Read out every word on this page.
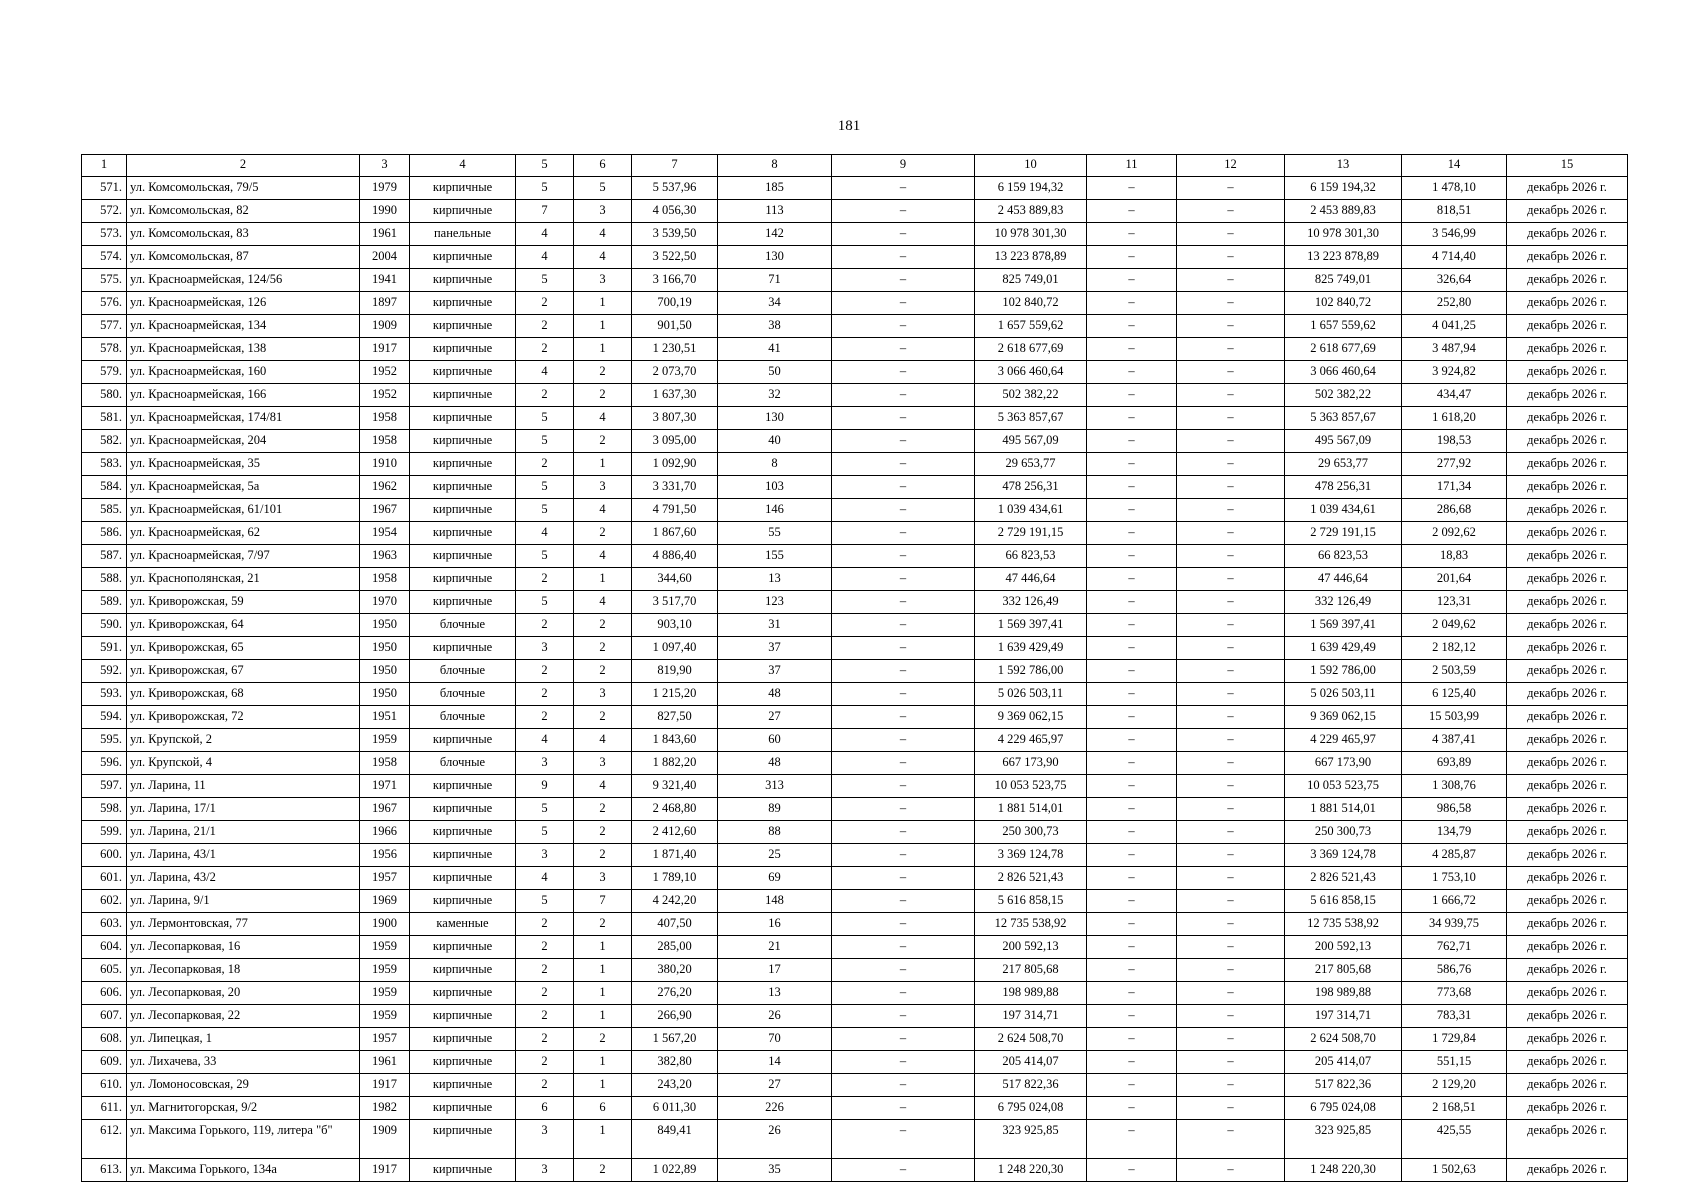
181
1	2	3	4	5	6	7	8	9	10	11	12	13	14	15
571.	ул. Комсомольская, 79/5	1979	кирпичные	5	5	5 537,96	185	–	6 159 194,32	–	–	6 159 194,32	1 478,10	декабрь 2026 г.
572.	ул. Комсомольская, 82	1990	кирпичные	7	3	4 056,30	113	–	2 453 889,83	–	–	2 453 889,83	818,51	декабрь 2026 г.
573.	ул. Комсомольская, 83	1961	панельные	4	4	3 539,50	142	–	10 978 301,30	–	–	10 978 301,30	3 546,99	декабрь 2026 г.
574.	ул. Комсомольская, 87	2004	кирпичные	4	4	3 522,50	130	–	13 223 878,89	–	–	13 223 878,89	4 714,40	декабрь 2026 г.
575.	ул. Красноармейская, 124/56	1941	кирпичные	5	3	3 166,70	71	–	825 749,01	–	–	825 749,01	326,64	декабрь 2026 г.
576.	ул. Красноармейская, 126	1897	кирпичные	2	1	700,19	34	–	102 840,72	–	–	102 840,72	252,80	декабрь 2026 г.
577.	ул. Красноармейская, 134	1909	кирпичные	2	1	901,50	38	–	1 657 559,62	–	–	1 657 559,62	4 041,25	декабрь 2026 г.
578.	ул. Красноармейская, 138	1917	кирпичные	2	1	1 230,51	41	–	2 618 677,69	–	–	2 618 677,69	3 487,94	декабрь 2026 г.
579.	ул. Красноармейская, 160	1952	кирпичные	4	2	2 073,70	50	–	3 066 460,64	–	–	3 066 460,64	3 924,82	декабрь 2026 г.
580.	ул. Красноармейская, 166	1952	кирпичные	2	2	1 637,30	32	–	502 382,22	–	–	502 382,22	434,47	декабрь 2026 г.
581.	ул. Красноармейская, 174/81	1958	кирпичные	5	4	3 807,30	130	–	5 363 857,67	–	–	5 363 857,67	1 618,20	декабрь 2026 г.
582.	ул. Красноармейская, 204	1958	кирпичные	5	2	3 095,00	40	–	495 567,09	–	–	495 567,09	198,53	декабрь 2026 г.
583.	ул. Красноармейская, 35	1910	кирпичные	2	1	1 092,90	8	–	29 653,77	–	–	29 653,77	277,92	декабрь 2026 г.
584.	ул. Красноармейская, 5а	1962	кирпичные	5	3	3 331,70	103	–	478 256,31	–	–	478 256,31	171,34	декабрь 2026 г.
585.	ул. Красноармейская, 61/101	1967	кирпичные	5	4	4 791,50	146	–	1 039 434,61	–	–	1 039 434,61	286,68	декабрь 2026 г.
586.	ул. Красноармейская, 62	1954	кирпичные	4	2	1 867,60	55	–	2 729 191,15	–	–	2 729 191,15	2 092,62	декабрь 2026 г.
587.	ул. Красноармейская, 7/97	1963	кирпичные	5	4	4 886,40	155	–	66 823,53	–	–	66 823,53	18,83	декабрь 2026 г.
588.	ул. Краснополянская, 21	1958	кирпичные	2	1	344,60	13	–	47 446,64	–	–	47 446,64	201,64	декабрь 2026 г.
589.	ул. Криворожская, 59	1970	кирпичные	5	4	3 517,70	123	–	332 126,49	–	–	332 126,49	123,31	декабрь 2026 г.
590.	ул. Криворожская, 64	1950	блочные	2	2	903,10	31	–	1 569 397,41	–	–	1 569 397,41	2 049,62	декабрь 2026 г.
591.	ул. Криворожская, 65	1950	кирпичные	3	2	1 097,40	37	–	1 639 429,49	–	–	1 639 429,49	2 182,12	декабрь 2026 г.
592.	ул. Криворожская, 67	1950	блочные	2	2	819,90	37	–	1 592 786,00	–	–	1 592 786,00	2 503,59	декабрь 2026 г.
593.	ул. Криворожская, 68	1950	блочные	2	3	1 215,20	48	–	5 026 503,11	–	–	5 026 503,11	6 125,40	декабрь 2026 г.
594.	ул. Криворожская, 72	1951	блочные	2	2	827,50	27	–	9 369 062,15	–	–	9 369 062,15	15 503,99	декабрь 2026 г.
595.	ул. Крупской, 2	1959	кирпичные	4	4	1 843,60	60	–	4 229 465,97	–	–	4 229 465,97	4 387,41	декабрь 2026 г.
596.	ул. Крупской, 4	1958	блочные	3	3	1 882,20	48	–	667 173,90	–	–	667 173,90	693,89	декабрь 2026 г.
597.	ул. Ларина, 11	1971	кирпичные	9	4	9 321,40	313	–	10 053 523,75	–	–	10 053 523,75	1 308,76	декабрь 2026 г.
598.	ул. Ларина, 17/1	1967	кирпичные	5	2	2 468,80	89	–	1 881 514,01	–	–	1 881 514,01	986,58	декабрь 2026 г.
599.	ул. Ларина, 21/1	1966	кирпичные	5	2	2 412,60	88	–	250 300,73	–	–	250 300,73	134,79	декабрь 2026 г.
600.	ул. Ларина, 43/1	1956	кирпичные	3	2	1 871,40	25	–	3 369 124,78	–	–	3 369 124,78	4 285,87	декабрь 2026 г.
601.	ул. Ларина, 43/2	1957	кирпичные	4	3	1 789,10	69	–	2 826 521,43	–	–	2 826 521,43	1 753,10	декабрь 2026 г.
602.	ул. Ларина, 9/1	1969	кирпичные	5	7	4 242,20	148	–	5 616 858,15	–	–	5 616 858,15	1 666,72	декабрь 2026 г.
603.	ул. Лермонтовская, 77	1900	каменные	2	2	407,50	16	–	12 735 538,92	–	–	12 735 538,92	34 939,75	декабрь 2026 г.
604.	ул. Лесопарковая, 16	1959	кирпичные	2	1	285,00	21	–	200 592,13	–	–	200 592,13	762,71	декабрь 2026 г.
605.	ул. Лесопарковая, 18	1959	кирпичные	2	1	380,20	17	–	217 805,68	–	–	217 805,68	586,76	декабрь 2026 г.
606.	ул. Лесопарковая, 20	1959	кирпичные	2	1	276,20	13	–	198 989,88	–	–	198 989,88	773,68	декабрь 2026 г.
607.	ул. Лесопарковая, 22	1959	кирпичные	2	1	266,90	26	–	197 314,71	–	–	197 314,71	783,31	декабрь 2026 г.
608.	ул. Липецкая, 1	1957	кирпичные	2	2	1 567,20	70	–	2 624 508,70	–	–	2 624 508,70	1 729,84	декабрь 2026 г.
609.	ул. Лихачева, 33	1961	кирпичные	2	1	382,80	14	–	205 414,07	–	–	205 414,07	551,15	декабрь 2026 г.
610.	ул. Ломоносовская, 29	1917	кирпичные	2	1	243,20	27	–	517 822,36	–	–	517 822,36	2 129,20	декабрь 2026 г.
611.	ул. Магнитогорская, 9/2	1982	кирпичные	6	6	6 011,30	226	–	6 795 024,08	–	–	6 795 024,08	2 168,51	декабрь 2026 г.
612.	ул. Максима Горького, 119, литера "б"	1909	кирпичные	3	1	849,41	26	–	323 925,85	–	–	323 925,85	425,55	декабрь 2026 г.
613.	ул. Максима Горького, 134а	1917	кирпичные	3	2	1 022,89	35	–	1 248 220,30	–	–	1 248 220,30	1 502,63	декабрь 2026 г.
